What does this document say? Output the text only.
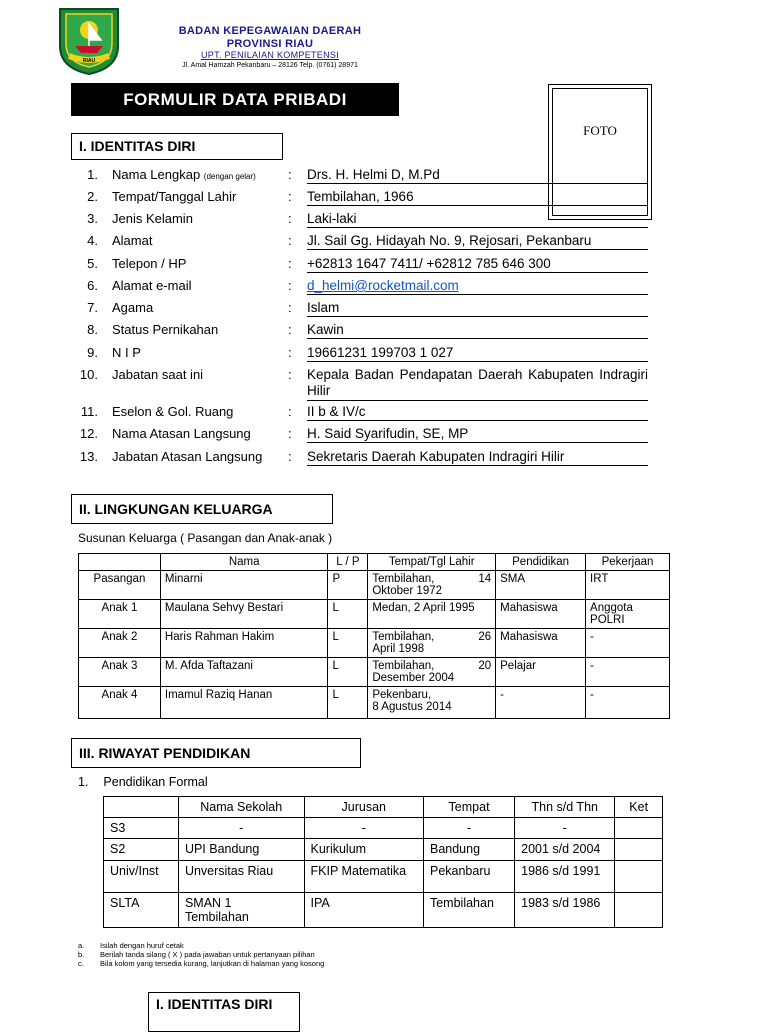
RIAU
BADAN KEPEGAWAIAN DAERAH
PROVINSI RIAU
UPT. PENILAIAN KOMPETENSI
Jl. Amal Hamzah Pekanbaru – 28126 Telp. (0761) 28971
FORMULIR DATA PRIBADI
FOTO
I. IDENTITAS DIRI
1. Nama Lengkap (dengan gelar) : Drs. H. Helmi D, M.Pd
2. Tempat/Tanggal Lahir	: Tembilahan, 1966
3. Jenis Kelamin	: Laki-laki
4. Alamat	: Jl. Sail Gg. Hidayah No. 9, Rejosari, Pekanbaru
5. Telepon / HP	: +62813 1647 7411/ +62812 785 646 300
6. Alamat e-mail	: d_helmi@rocketmail.com
7. Agama	: Islam
8. Status Pernikahan	: Kawin
9. N I P	: 19661231 199703 1 027
10. Jabatan saat ini	: Kepala Badan Pendapatan Daerah Kabupaten Indragiri Hilir
11. Eselon & Gol. Ruang	: II b & IV/c
12. Nama Atasan Langsung	: H. Said Syarifudin, SE, MP
13. Jabatan Atasan Langsung : Sekretaris Daerah Kabupaten Indragiri Hilir
II. LINGKUNGAN KELUARGA
Susunan Keluarga ( Pasangan dan Anak-anak )
	Nama	L / P	Tempat/Tgl Lahir	Pendidikan	Pekerjaan
Pasangan	Minarni	P	Tembilahan, 14
Oktober 1972	SMA	IRT
Anak 1	Maulana Sehvy Bestari	L	Medan, 2 April 1995	Mahasiswa	Anggota POLRI
Anak 2	Haris Rahman Hakim	L	Tembilahan, 26
April 1998	Mahasiswa	-
Anak 3	M. Afda Taftazani	L	Tembilahan, 20
Desember 2004	Pelajar	-
Anak 4	Imamul Raziq Hanan	L	Pekenbaru,
8 Agustus 2014	-	-
III. RIWAYAT PENDIDIKAN
1. Pendidikan Formal
	Nama Sekolah	Jurusan	Tempat	Thn s/d Thn	Ket
S3	-	-	-	-	
S2	UPI Bandung	Kurikulum	Bandung	2001 s/d 2004	
Univ/Inst	Unversitas Riau	FKIP Matematika	Pekanbaru	1986 s/d 1991	
SLTA	SMAN 1 Tembilahan	IPA	Tembilahan	1983 s/d 1986	
a. Isilah dengan huruf cetak
b. Berilah tanda silang ( X ) pada jawaban untuk pertanyaan pilihan
c. Bila kolom yang tersedia kurang, lanjutkan di halaman yang kosong
I. IDENTITAS DIRI
